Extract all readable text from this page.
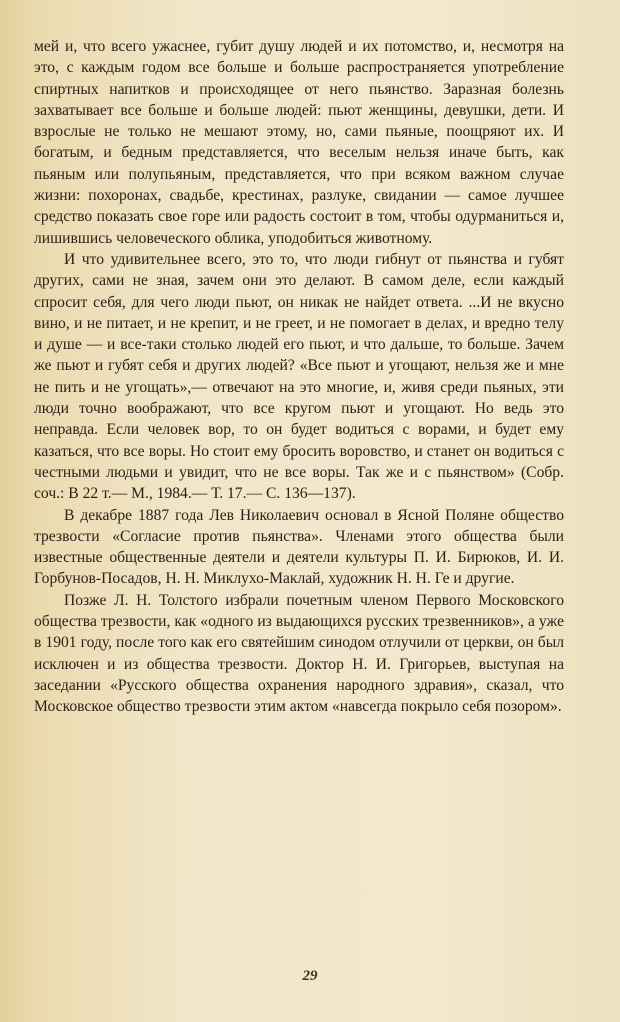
мей и, что всего ужаснее, губит душу людей и их потомство, и, несмотря на это, с каждым годом все больше и больше распространяется употребление спиртных напитков и происходящее от него пьянство. Заразная болезнь захватывает все больше и больше людей: пьют женщины, девушки, дети. И взрослые не только не мешают этому, но, сами пьяные, поощряют их. И богатым, и бедным представляется, что веселым нельзя иначе быть, как пьяным или полупьяным, представляется, что при всяком важном случае жизни: похоронах, свадьбе, крестинах, разлуке, свидании — самое лучшее средство показать свое горе или радость состоит в том, чтобы одурманиться и, лишившись человеческого облика, уподобиться животному.

И что удивительнее всего, это то, что люди гибнут от пьянства и губят других, сами не зная, зачем они это делают. В самом деле, если каждый спросит себя, для чего люди пьют, он никак не найдет ответа. ...И не вкусно вино, и не питает, и не крепит, и не греет, и не помогает в делах, и вредно телу и душе — и все-таки столько людей его пьют, и что дальше, то больше. Зачем же пьют и губят себя и других людей? «Все пьют и угощают, нельзя же и мне не пить и не угощать»,— отвечают на это многие, и, живя среди пьяных, эти люди точно воображают, что все кругом пьют и угощают. Но ведь это неправда. Если человек вор, то он будет водиться с ворами, и будет ему казаться, что все воры. Но стоит ему бросить воровство, и станет он водиться с честными людьми и увидит, что не все воры. Так же и с пьянством» (Собр. соч.: В 22 т.— М., 1984.— Т. 17.— С. 136—137).

В декабре 1887 года Лев Николаевич основал в Ясной Поляне общество трезвости «Согласие против пьянства». Членами этого общества были известные общественные деятели и деятели культуры П. И. Бирюков, И. И. Горбунов-Посадов, Н. Н. Миклухо-Маклай, художник Н. Н. Ге и другие.

Позже Л. Н. Толстого избрали почетным членом Первого Московского общества трезвости, как «одного из выдающихся русских трезвенников», а уже в 1901 году, после того как его святейшим синодом отлучили от церкви, он был исключен и из общества трезвости. Доктор Н. И. Григорьев, выступая на заседании «Русского общества охранения народного здравия», сказал, что Московское общество трезвости этим актом «навсегда покрыло себя позором».

29
